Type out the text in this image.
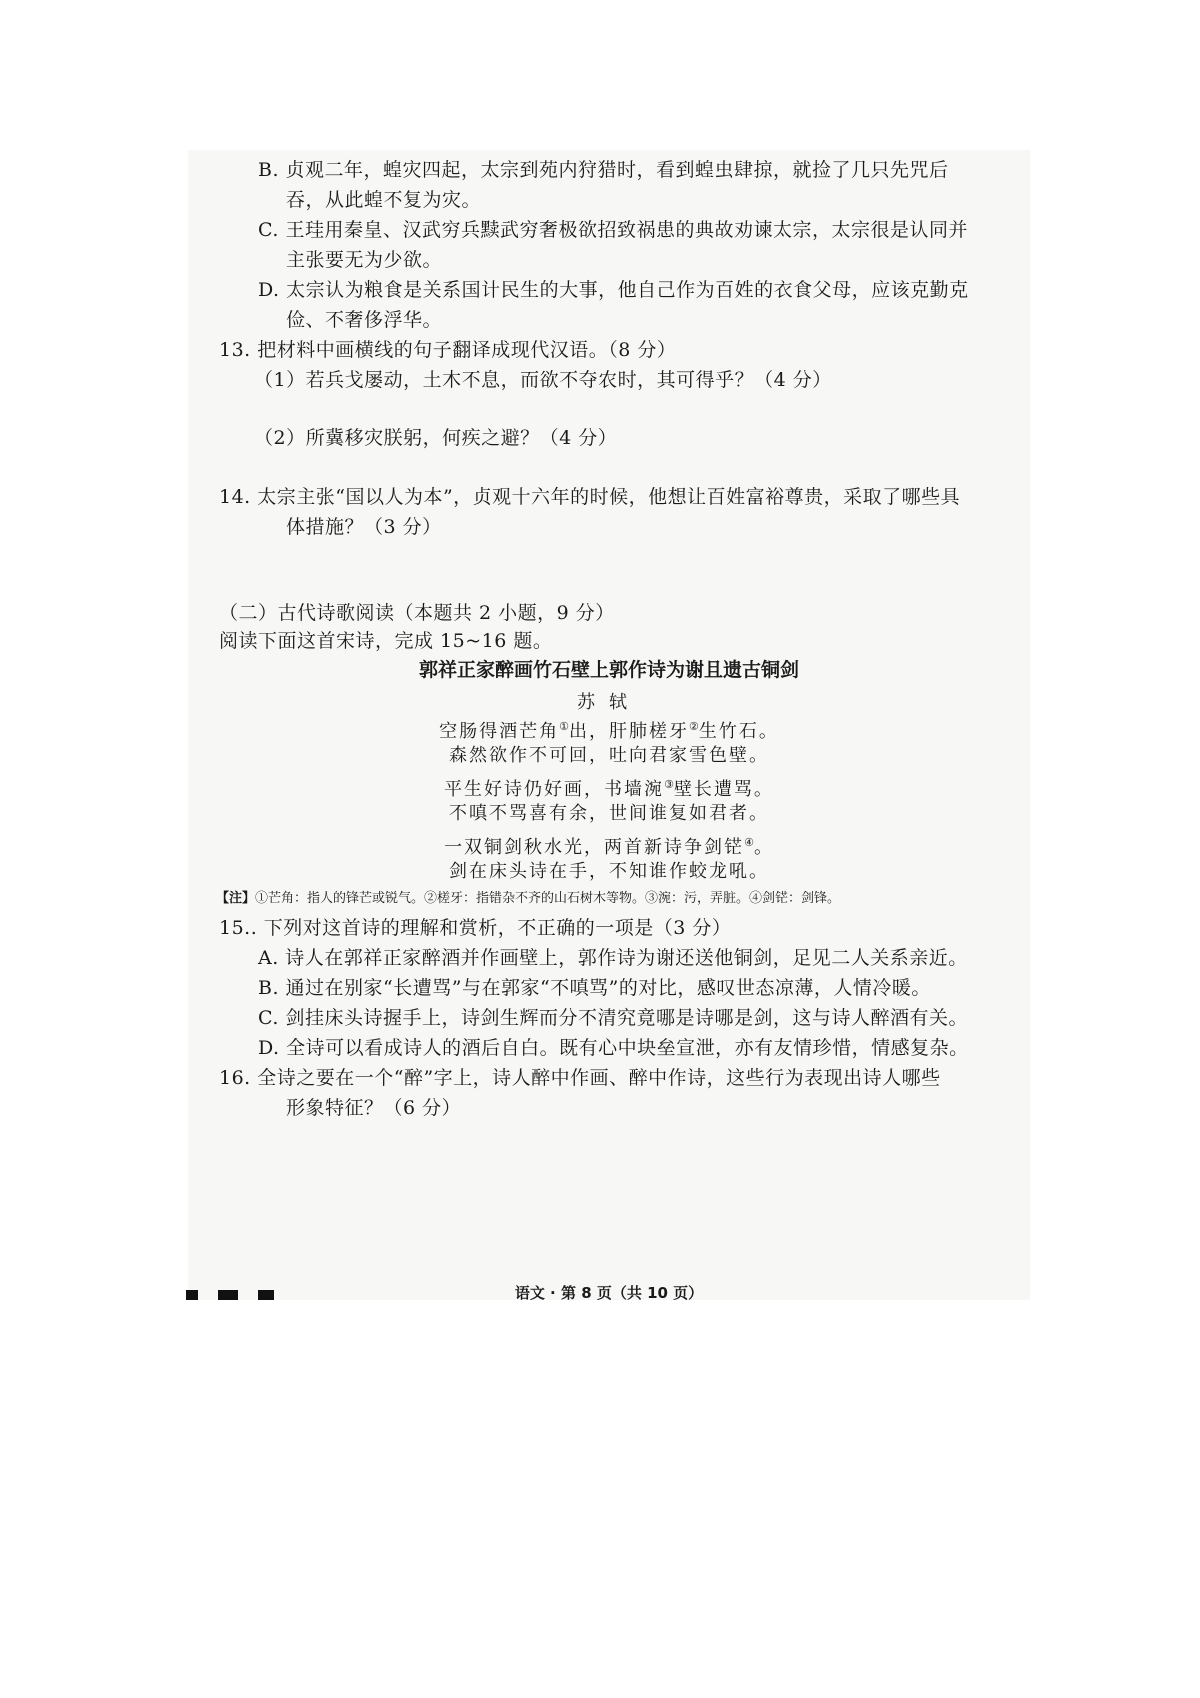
B. 贞观二年，蝗灾四起，太宗到苑内狩猎时，看到蝗虫肆掠，就捡了几只先咒后
吞，从此蝗不复为灾。
C. 王珪用秦皇、汉武穷兵黩武穷奢极欲招致祸患的典故劝谏太宗，太宗很是认同并
主张要无为少欲。
D. 太宗认为粮食是关系国计民生的大事，他自己作为百姓的衣食父母，应该克勤克
俭、不奢侈浮华。
13. 把材料中画横线的句子翻译成现代汉语。（8 分）
（1）若兵戈屡动，土木不息，而欲不夺农时，其可得乎？（4 分）
（2）所冀移灾朕躬，何疾之避？（4 分）
14. 太宗主张“国以人为本”，贞观十六年的时候，他想让百姓富裕尊贵，采取了哪些具
体措施？（3 分）
（二）古代诗歌阅读（本题共 2 小题，9 分）
阅读下面这首宋诗，完成 15~16 题。
郭祥正家醉画竹石壁上郭作诗为谢且遗古铜剑
苏轼
空肠得酒芒角①出，肝肺槎牙②生竹石。
森然欲作不可回，吐向君家雪色壁。
平生好诗仍好画，书墙涴③壁长遭骂。
不嗔不骂喜有余，世间谁复如君者。
一双铜剑秋水光，两首新诗争剑铓④。
剑在床头诗在手，不知谁作蛟龙吼。
【注】①芒角：指人的锋芒或锐气。②槎牙：指错杂不齐的山石树木等物。③涴：污，弄脏。④剑铓：剑锋。
15.. 下列对这首诗的理解和赏析，不正确的一项是（3 分）
A. 诗人在郭祥正家醉酒并作画壁上，郭作诗为谢还送他铜剑，足见二人关系亲近。
B. 通过在别家“长遭骂”与在郭家“不嗔骂”的对比，感叹世态凉薄，人情冷暖。
C. 剑挂床头诗握手上，诗剑生辉而分不清究竟哪是诗哪是剑，这与诗人醉酒有关。
D. 全诗可以看成诗人的酒后自白。既有心中块垒宣泄，亦有友情珍惜，情感复杂。
16. 全诗之要在一个“醉”字上，诗人醉中作画、醉中作诗，这些行为表现出诗人哪些
形象特征？（6 分）
语文 · 第 8 页（共 10 页）
